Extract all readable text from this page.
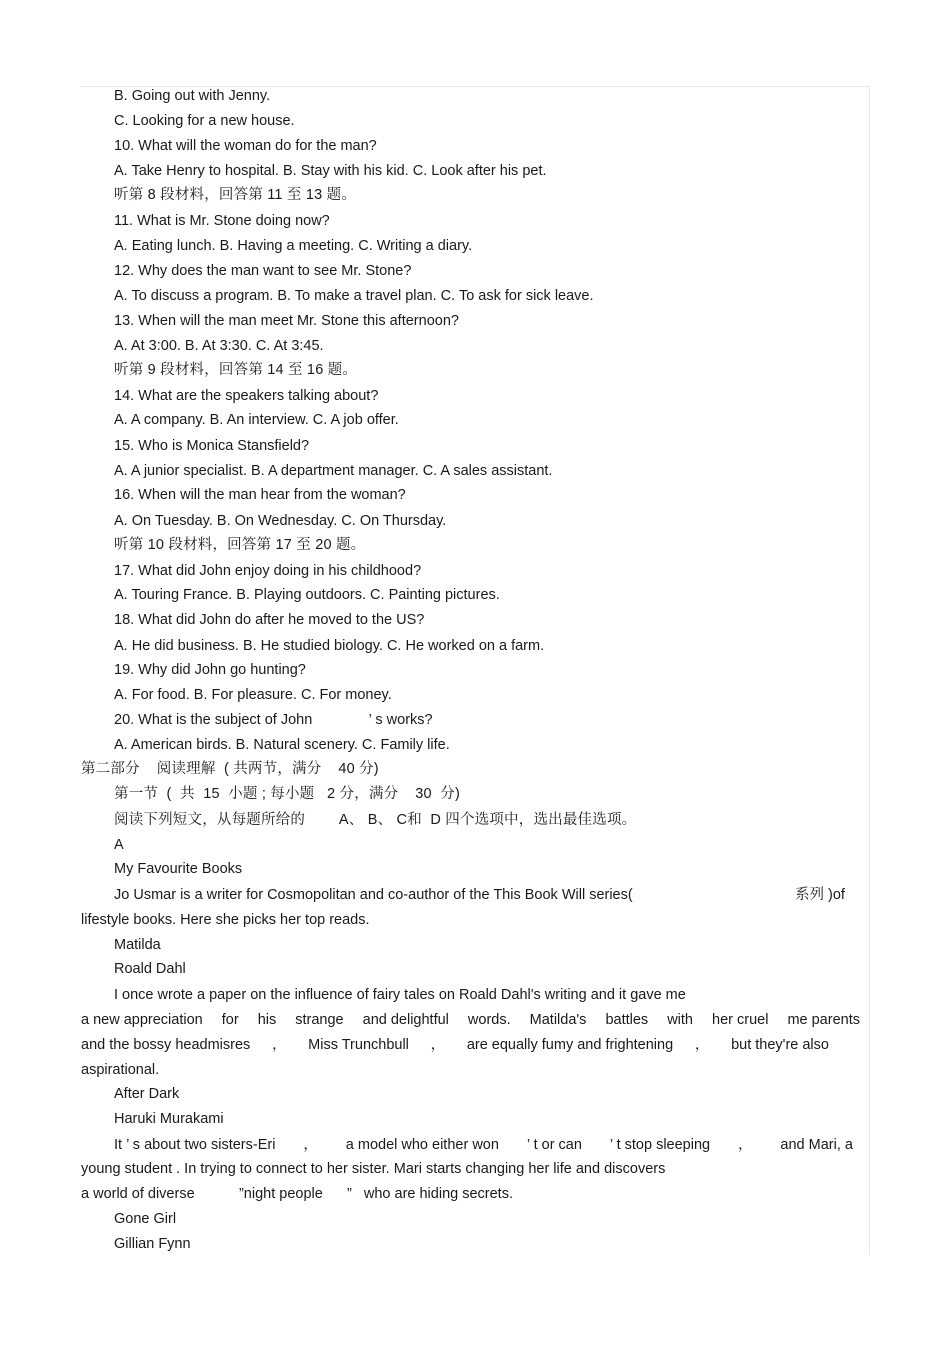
B. Going out with Jenny.
C. Looking for a new house.
10. What will the woman do for the man?
A. Take Henry to hospital. B. Stay with his kid. C. Look after his pet.
听第 8 段材料，回答第 11 至 13 题。
11. What is Mr. Stone doing now?
A. Eating lunch. B. Having a meeting. C. Writing a diary.
12. Why does the man want to see Mr. Stone?
A. To discuss a program. B. To make a travel plan. C. To ask for sick leave.
13. When will the man meet Mr. Stone this afternoon?
A. At 3:00. B. At 3:30. C. At 3:45.
听第 9 段材料，回答第 14 至 16 题。
14. What are the speakers talking about?
A. A company. B. An interview. C. A job offer.
15. Who is Monica Stansfield?
A. A junior specialist. B. A department manager. C. A sales assistant.
16. When will the man hear from the woman?
A. On Tuesday. B. On Wednesday. C. On Thursday.
听第 10 段材料，回答第 17 至 20 题。
17. What did John enjoy doing in his childhood?
A. Touring France. B. Playing outdoors. C. Painting pictures.
18. What did John do after he moved to the US?
A. He did business. B. He studied biology. C. He worked on a farm.
19. Why did John go hunting?
A. For food. B. For pleasure. C. For money.
20. What is the subject of John              ’ s works?
A. American birds. B. Natural scenery. C. Family life.
第二部分    阅读理解  ( 共两节，满分    40 分)
第一节  (  共  15  小题 ; 每小题   2 分，满分    30  分)
阅读下列短文，从每题所给的        A、 B、 C和  D 四个选项中，选出最佳选项。
A
My Favourite Books
Jo Usmar is a writer for Cosmopolitan and co-author of the This Book Will series(	系列 )of
lifestyle books. Here she picks her top reads.
Matilda
Roald Dahl
I once wrote a paper on the influence of fairy tales on Roald Dahl's writing and it gave me
a new appreciation for his strange and delightful words. Matilda's battles with her cruel me parents
and the bossy headmisres ， Miss Trunchbull ， are equally fumy and frightening ， but they're also
aspirational.
After Dark
Haruki Murakami
It ’ s about two sisters-Eri ， a model who either won ’ t or can ’ t stop sleeping ， and Mari, a
young student . In trying to connect to her sister. Mari starts changing her life and discovers
a world of diverse           ”night people      ”   who are hiding secrets.
Gone Girl
Gillian Fynn
